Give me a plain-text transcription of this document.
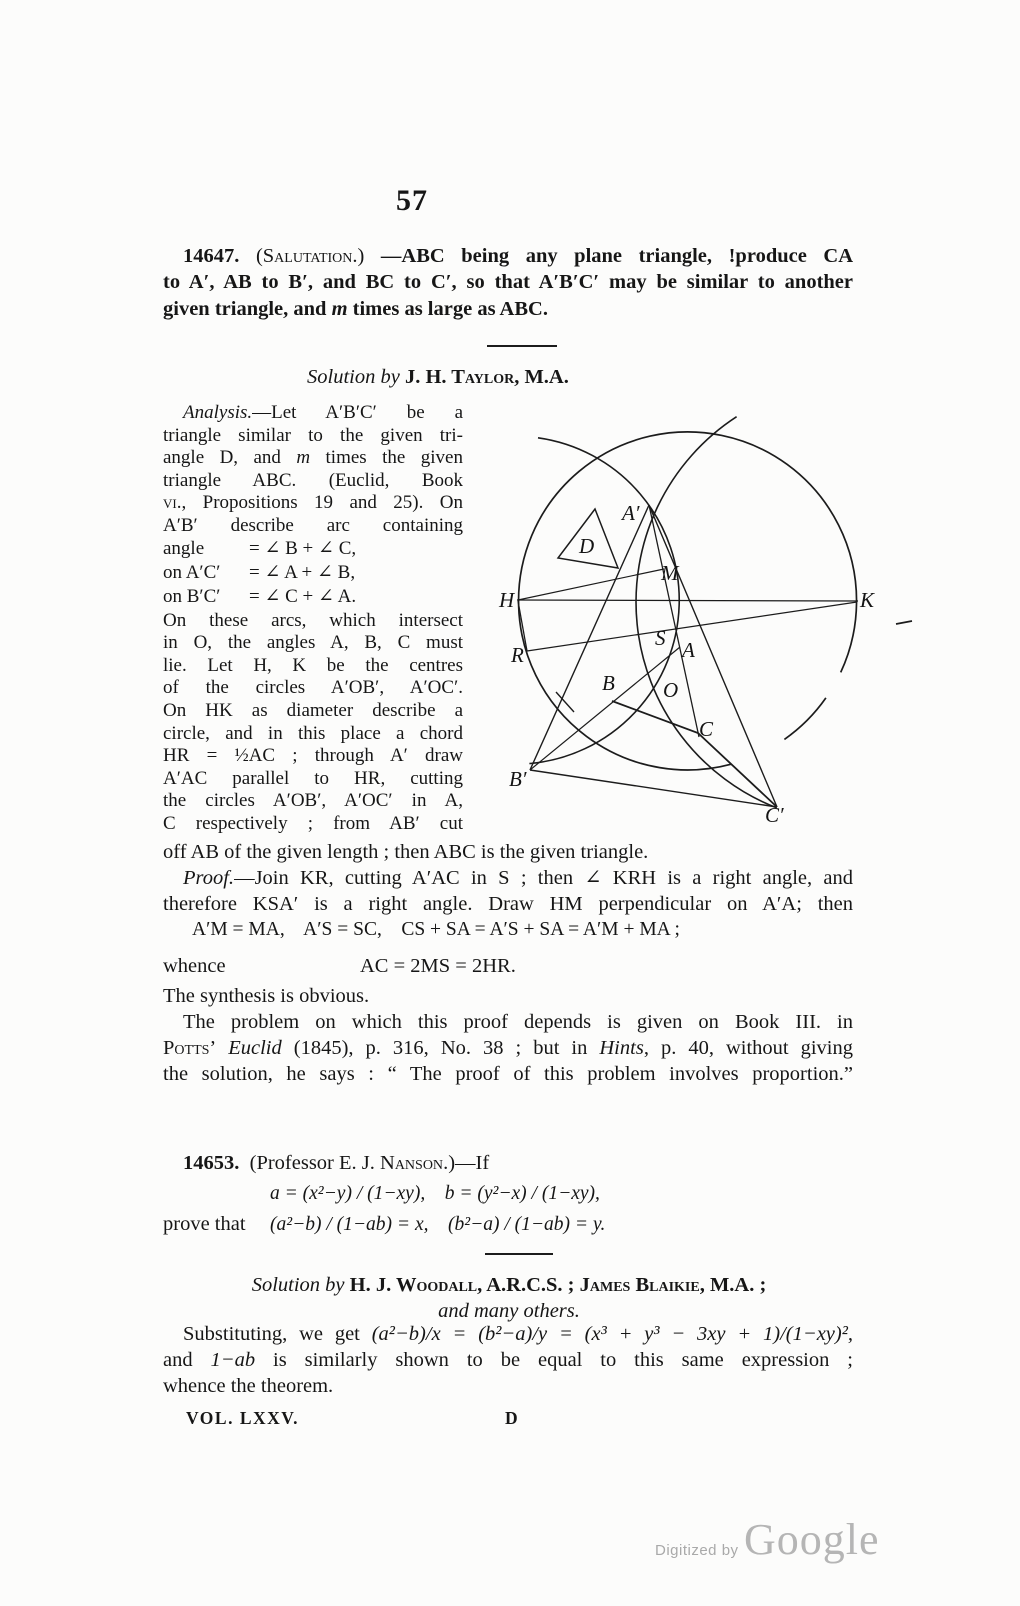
57
14647. (Salutation.) —ABC being any plane triangle, !produce CA
to A′, AB to B′, and BC to C′, so that A′B′C′ may be similar to another
given triangle, and m times as large as ABC.
Solution by J. H. Taylor, M.A.
Analysis.—Let A′B′C′ be a
triangle similar to the given tri-
angle D, and m times the given
triangle ABC. (Euclid, Book
vi., Propositions 19 and 25). On
A′B′ describe arc containing
angle	= ∠ B + ∠ C,
on A′C′	= ∠ A + ∠ B,
on B′C′	= ∠ C + ∠ A.
On these arcs, which intersect
in O, the angles A, B, C must
lie. Let H, K be the centres
of the circles A′OB′, A′OC′.
On HK as diameter describe a
circle, and in this place a chord
HR = ½AC ; through A′ draw
A′AC parallel to HR, cutting
the circles A′OB′, A′OC′ in A,
C respectively ; from AB′ cut
A′
D
M
H	K
S A
R
B O
C
B′
C′
off AB of the given length ; then ABC is the given triangle.
Proof.—Join KR, cutting A′AC in S ; then ∠ KRH is a right angle, and
therefore KSA′ is a right angle. Draw HM perpendicular on A′A; then
A′M = MA,    A′S = SC,    CS + SA = A′S + SA = A′M + MA ;
whence	AC = 2MS = 2HR.
The synthesis is obvious.
The problem on which this proof depends is given on Book III. in
Potts’ Euclid (1845), p. 316, No. 38 ; but in Hints, p. 40, without giving
the solution, he says : “ The proof of this problem involves proportion.”
14653.  (Professor E. J. Nanson.)—If
a = (x²−y) / (1−xy),    b = (y²−x) / (1−xy),
prove that (a²−b) / (1−ab) = x,    (b²−a) / (1−ab) = y.
Solution by H. J. Woodall, A.R.C.S. ; James Blaikie, M.A. ;
and many others.
Substituting, we get (a²−b)/x = (b²−a)/y = (x³ + y³ − 3xy + 1)/(1−xy)²,
and 1−ab is similarly shown to be equal to this same expression ;
whence the theorem.
VOL. LXXV.	D
Digitized by Google
